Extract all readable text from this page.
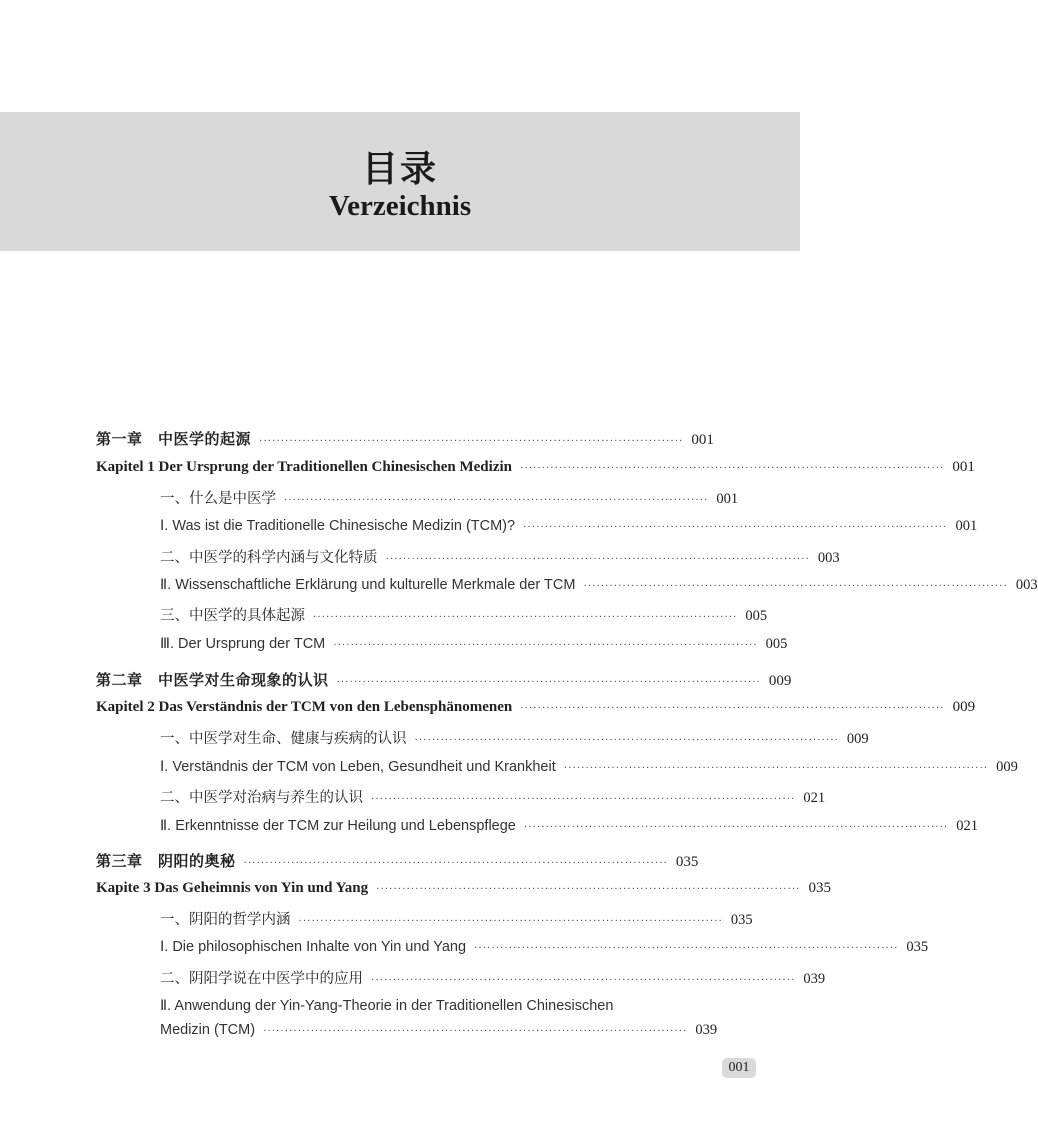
目录
Verzeichnis
第一章　中医学的起源 ·································································································· 001
Kapitel 1 Der Ursprung der Traditionellen Chinesischen Medizin ·································································································· 001
一、什么是中医学 ·································································································· 001
Ⅰ. Was ist die Traditionelle Chinesische Medizin (TCM)? ·································································································· 001
二、中医学的科学内涵与文化特质 ·································································································· 003
Ⅱ. Wissenschaftliche Erklärung und kulturelle Merkmale der TCM ·································································································· 003
三、中医学的具体起源 ·································································································· 005
Ⅲ. Der Ursprung der TCM ·································································································· 005
第二章　中医学对生命现象的认识 ·································································································· 009
Kapitel 2 Das Verständnis der TCM von den Lebensphänomenen ·································································································· 009
一、中医学对生命、健康与疾病的认识 ·································································································· 009
Ⅰ. Verständnis der TCM von Leben, Gesundheit und Krankheit ·································································································· 009
二、中医学对治病与养生的认识 ·································································································· 021
Ⅱ. Erkenntnisse der TCM zur Heilung und Lebenspflege ·································································································· 021
第三章　阴阳的奥秘 ·································································································· 035
Kapite 3 Das Geheimnis von Yin und Yang ·································································································· 035
一、阴阳的哲学内涵 ·································································································· 035
Ⅰ. Die philosophischen Inhalte von Yin und Yang ·································································································· 035
二、阴阳学说在中医学中的应用 ·································································································· 039
Ⅱ. Anwendung der Yin-Yang-Theorie in der Traditionellen Chinesischen
Medizin (TCM) ·································································································· 039
001
